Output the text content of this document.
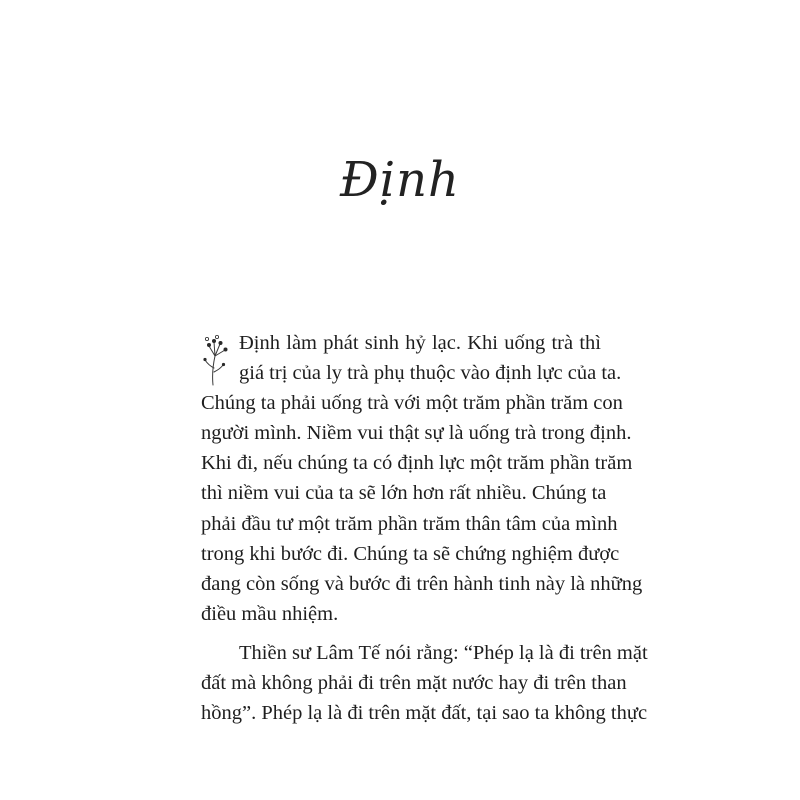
Định

Định làm phát sinh hỷ lạc. Khi uống trà thì
giá trị của ly trà phụ thuộc vào định lực của ta.
Chúng ta phải uống trà với một trăm phần trăm con
người mình. Niềm vui thật sự là uống trà trong định.
Khi đi, nếu chúng ta có định lực một trăm phần trăm
thì niềm vui của ta sẽ lớn hơn rất nhiều. Chúng ta
phải đầu tư một trăm phần trăm thân tâm của mình
trong khi bước đi. Chúng ta sẽ chứng nghiệm được
đang còn sống và bước đi trên hành tinh này là những
điều mầu nhiệm.

Thiền sư Lâm Tế nói rằng: “Phép lạ là đi trên mặt
đất mà không phải đi trên mặt nước hay đi trên than
hồng”. Phép lạ là đi trên mặt đất, tại sao ta không thực
